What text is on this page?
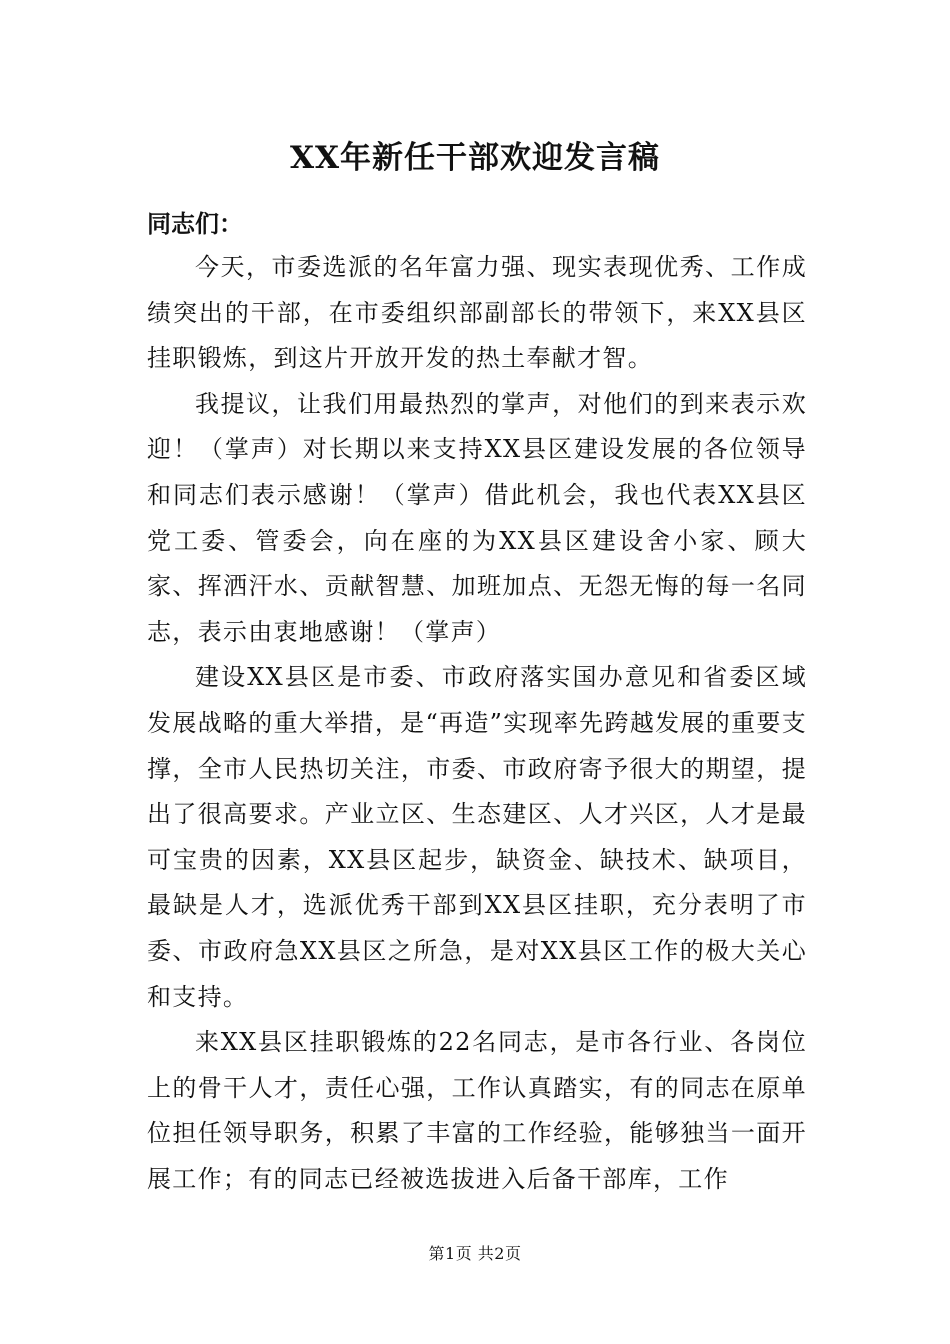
XX年新任干部欢迎发言稿
同志们：

今天，市委选派的名年富力强、现实表现优秀、工作成绩突出的干部，在市委组织部副部长的带领下，来XX县区挂职锻炼，到这片开放开发的热土奉献才智。

我提议，让我们用最热烈的掌声，对他们的到来表示欢迎！（掌声）对长期以来支持XX县区建设发展的各位领导和同志们表示感谢！（掌声）借此机会，我也代表XX县区党工委、管委会，向在座的为XX县区建设舍小家、顾大家、挥洒汗水、贡献智慧、加班加点、无怨无悔的每一名同志，表示由衷地感谢！（掌声）

建设XX县区是市委、市政府落实国办意见和省委区域发展战略的重大举措，是“再造”实现率先跨越发展的重要支撑，全市人民热切关注，市委、市政府寄予很大的期望，提出了很高要求。产业立区、生态建区、人才兴区，人才是最可宝贵的因素，XX县区起步，缺资金、缺技术、缺项目，最缺是人才，选派优秀干部到XX县区挂职，充分表明了市委、市政府急XX县区之所急，是对XX县区工作的极大关心和支持。

来XX县区挂职锻炼的22名同志，是市各行业、各岗位上的骨干人才，责任心强，工作认真踏实，有的同志在原单位担任领导职务，积累了丰富的工作经验，能够独当一面开展工作；有的同志已经被选拔进入后备干部库，工作

第1页 共2页
